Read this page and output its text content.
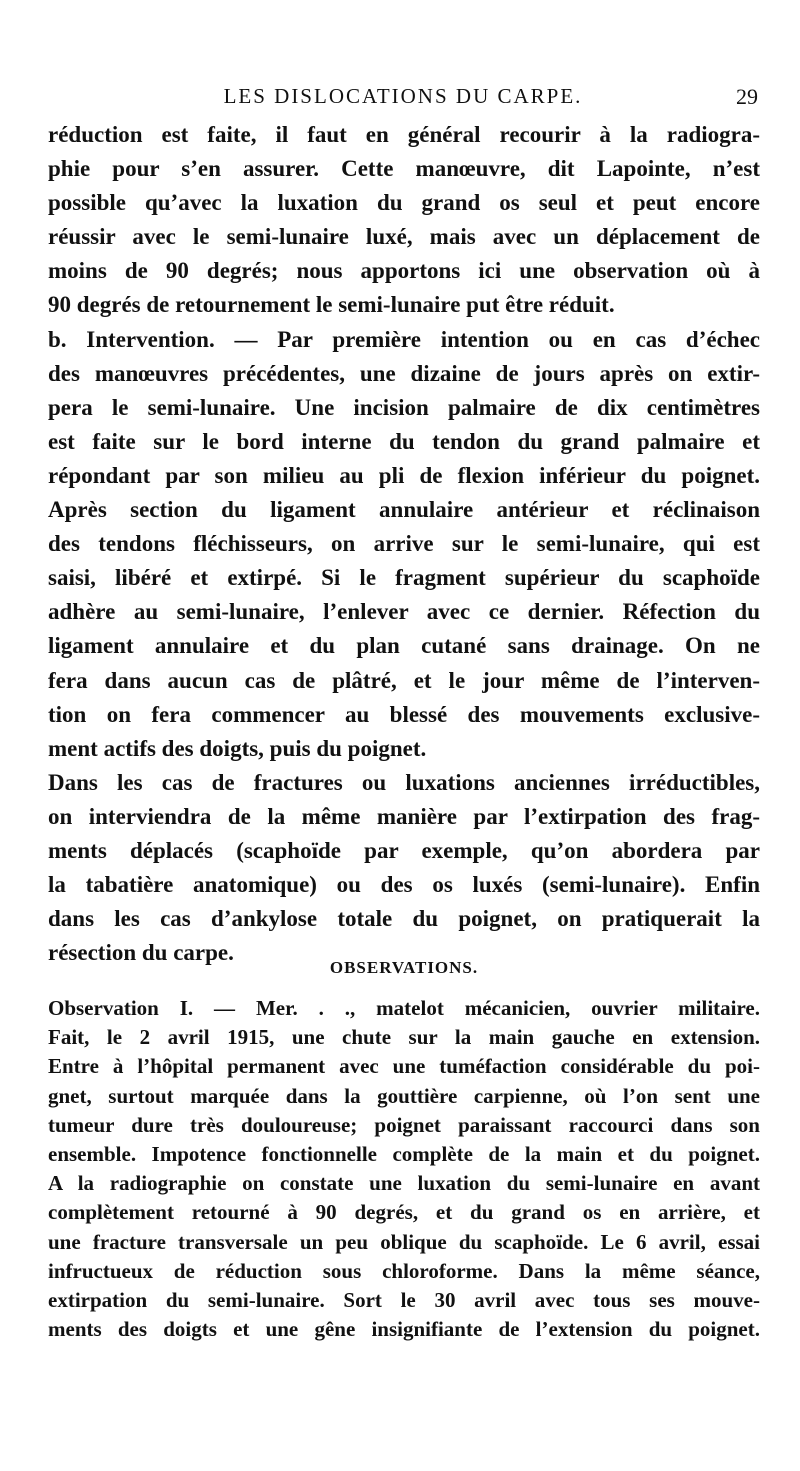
LES DISLOCATIONS DU CARPE.	29
réduction est faite, il faut en général recourir à la radiogra-
phie pour s’en assurer. Cette manœuvre, dit Lapointe, n’est
possible qu’avec la luxation du grand os seul et peut encore
réussir avec le semi-lunaire luxé, mais avec un déplacement de
moins de 90 degrés; nous apportons ici une observation où à
90 degrés de retournement le semi-lunaire put être réduit.
b. Intervention. — Par première intention ou en cas d’échec
des manœuvres précédentes, une dizaine de jours après on extir-
pera le semi-lunaire. Une incision palmaire de dix centimètres
est faite sur le bord interne du tendon du grand palmaire et
répondant par son milieu au pli de flexion inférieur du poignet.
Après section du ligament annulaire antérieur et réclinaison
des tendons fléchisseurs, on arrive sur le semi-lunaire, qui est
saisi, libéré et extirpé. Si le fragment supérieur du scaphoïde
adhère au semi-lunaire, l’enlever avec ce dernier. Réfection du
ligament annulaire et du plan cutané sans drainage. On ne
fera dans aucun cas de plâtré, et le jour même de l’interven-
tion on fera commencer au blessé des mouvements exclusive-
ment actifs des doigts, puis du poignet.
Dans les cas de fractures ou luxations anciennes irréductibles,
on interviendra de la même manière par l’extirpation des frag-
ments déplacés (scaphoïde par exemple, qu’on abordera par
la tabatière anatomique) ou des os luxés (semi-lunaire). Enfin
dans les cas d’ankylose totale du poignet, on pratiquerait la
résection du carpe.
OBSERVATIONS.
Observation I. — Mer. . ., matelot mécanicien, ouvrier militaire.
Fait, le 2 avril 1915, une chute sur la main gauche en extension.
Entre à l’hôpital permanent avec une tuméfaction considérable du poi-
gnet, surtout marquée dans la gouttière carpienne, où l’on sent une
tumeur dure très douloureuse; poignet paraissant raccourci dans son
ensemble. Impotence fonctionnelle complète de la main et du poignet.
A la radiographie on constate une luxation du semi-lunaire en avant
complètement retourné à 90 degrés, et du grand os en arrière, et
une fracture transversale un peu oblique du scaphoïde. Le 6 avril, essai
infructueux de réduction sous chloroforme. Dans la même séance,
extirpation du semi-lunaire. Sort le 30 avril avec tous ses mouve-
ments des doigts et une gêne insignifiante de l’extension du poignet.
